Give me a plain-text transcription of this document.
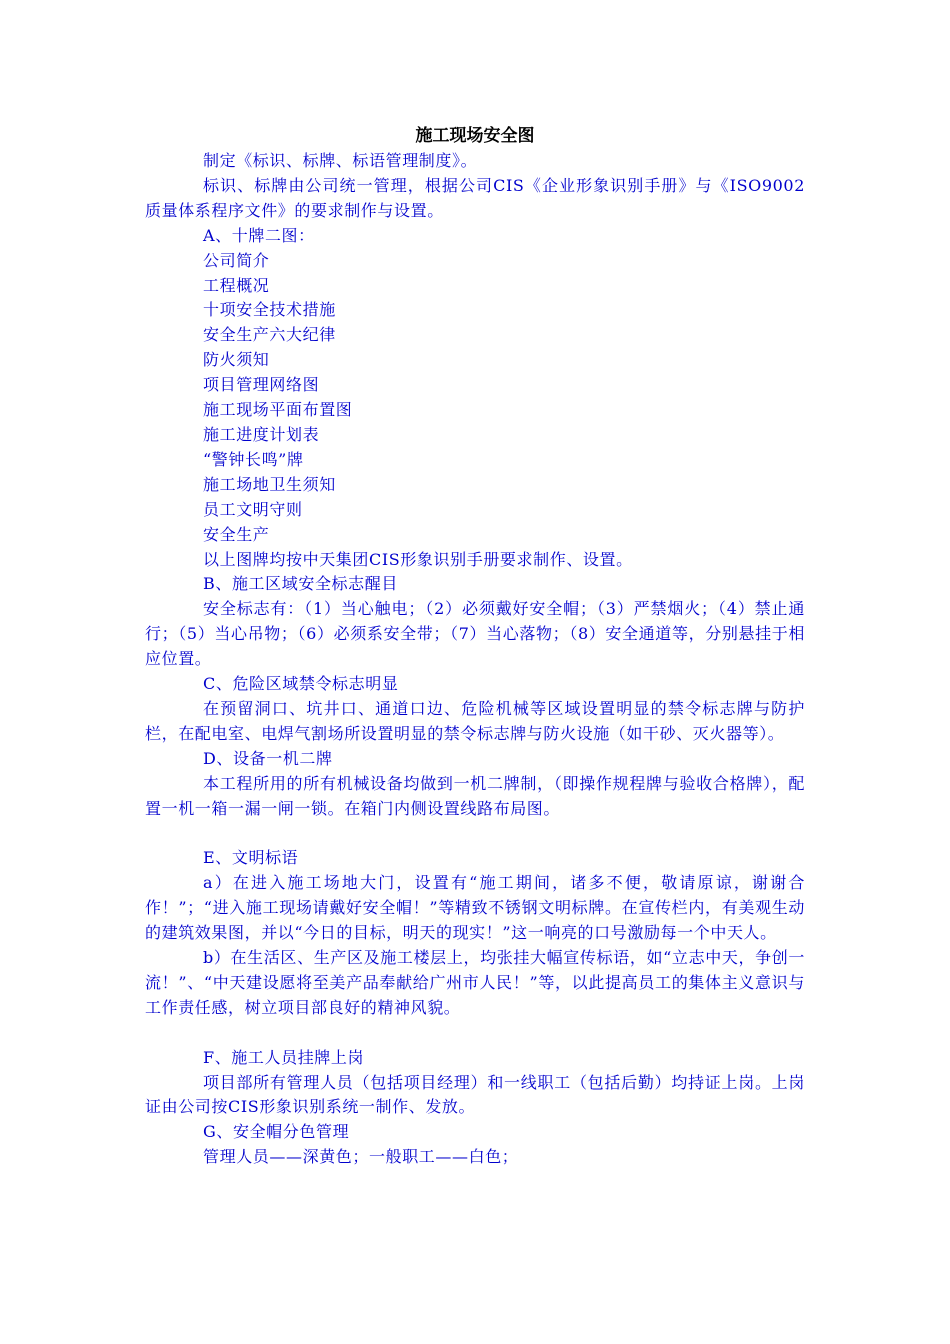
施工现场安全图

制定《标识、标牌、标语管理制度》。

标识、标牌由公司统一管理，根据公司CIS《企业形象识别手册》与《ISO9002质量体系程序文件》的要求制作与设置。

A、十牌二图：

公司简介

工程概况

十项安全技术措施

安全生产六大纪律

防火须知

项目管理网络图

施工现场平面布置图

施工进度计划表

“警钟长鸣”牌

施工场地卫生须知

员工文明守则

安全生产

以上图牌均按中天集团CIS形象识别手册要求制作、设置。

B、施工区域安全标志醒目

安全标志有：（1）当心触电；（2）必须戴好安全帽；（3）严禁烟火；（4）禁止通行；（5）当心吊物；（6）必须系安全带；（7）当心落物；（8）安全通道等，分别悬挂于相应位置。

C、危险区域禁令标志明显

在预留洞口、坑井口、通道口边、危险机械等区域设置明显的禁令标志牌与防护栏，在配电室、电焊气割场所设置明显的禁令标志牌与防火设施（如干砂、灭火器等）。

D、设备一机二牌

本工程所用的所有机械设备均做到一机二牌制，（即操作规程牌与验收合格牌），配置一机一箱一漏一闸一锁。在箱门内侧设置线路布局图。

E、文明标语

a）在进入施工场地大门，设置有“施工期间，诸多不便，敬请原谅，谢谢合作！”；“进入施工现场请戴好安全帽！”等精致不锈钢文明标牌。在宣传栏内，有美观生动的建筑效果图，并以“今日的目标，明天的现实！”这一响亮的口号激励每一个中天人。

b）在生活区、生产区及施工楼层上，均张挂大幅宣传标语，如“立志中天，争创一流！”、“中天建设愿将至美产品奉献给广州市人民！”等，以此提高员工的集体主义意识与工作责任感，树立项目部良好的精神风貌。

F、施工人员挂牌上岗

项目部所有管理人员（包括项目经理）和一线职工（包括后勤）均持证上岗。上岗证由公司按CIS形象识别系统一制作、发放。

G、安全帽分色管理

管理人员——深黄色；一般职工——白色；
